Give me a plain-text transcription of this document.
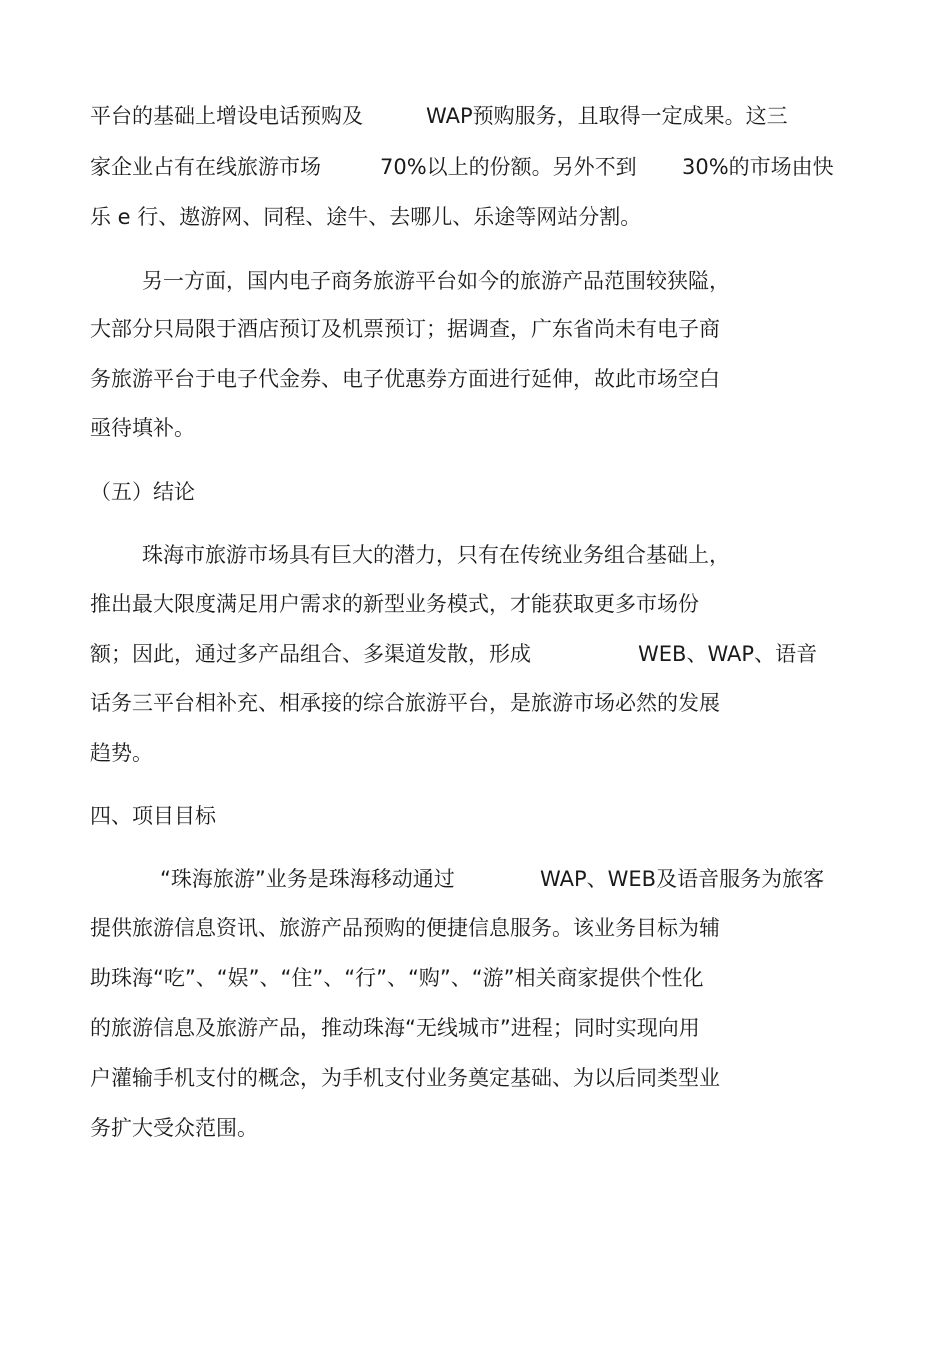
平台的基础上增设电话预购及	WAP预购服务，且取得一定成果。这三
家企业占有在线旅游市场	70%以上的份额。另外不到 30%的市场由快
乐 e 行、遨游网、同程、途牛、去哪儿、乐途等网站分割。
另一方面，国内电子商务旅游平台如今的旅游产品范围较狭隘，
大部分只局限于酒店预订及机票预订；据调查，广东省尚未有电子商
务旅游平台于电子代金券、电子优惠券方面进行延伸，故此市场空白
亟待填补。
（五）结论
珠海市旅游市场具有巨大的潜力，只有在传统业务组合基础上，
推出最大限度满足用户需求的新型业务模式，才能获取更多市场份
额；因此，通过多产品组合、多渠道发散，形成	WEB、WAP、语音
话务三平台相补充、相承接的综合旅游平台，是旅游市场必然的发展
趋势。
四、项目目标
“珠海旅游”业务是珠海移动通过	WAP、WEB及语音服务为旅客
提供旅游信息资讯、旅游产品预购的便捷信息服务。该业务目标为辅
助珠海“吃”、“娱”、“住”、“行”、“购”、“游”相关商家提供个性化
的旅游信息及旅游产品，推动珠海“无线城市”进程；同时实现向用
户灌输手机支付的概念，为手机支付业务奠定基础、为以后同类型业
务扩大受众范围。
